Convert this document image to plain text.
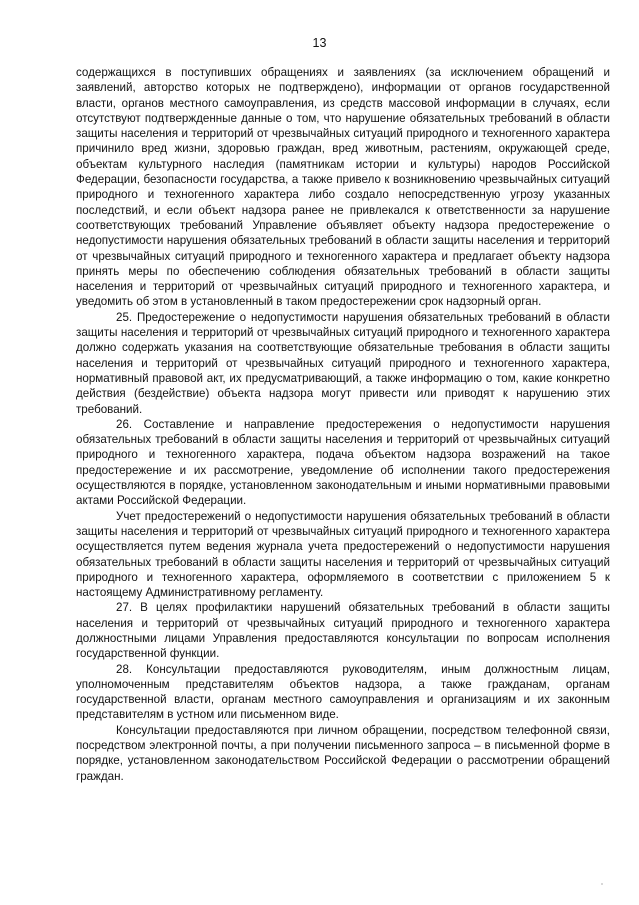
13

содержащихся в поступивших обращениях и заявлениях (за исключением обращений и заявлений, авторство которых не подтверждено), информации от органов государственной власти, органов местного самоуправления, из средств массовой информации в случаях, если отсутствуют подтвержденные данные о том, что нарушение обязательных требований в области защиты населения и территорий от чрезвычайных ситуаций природного и техногенного характера причинило вред жизни, здоровью граждан, вред животным, растениям, окружающей среде, объектам культурного наследия (памятникам истории и культуры) народов Российской Федерации, безопасности государства, а также привело к возникновению чрезвычайных ситуаций природного и техногенного характера либо создало непосредственную угрозу указанных последствий, и если объект надзора ранее не привлекался к ответственности за нарушение соответствующих требований Управление объявляет объекту надзора предостережение о недопустимости нарушения обязательных требований в области защиты населения и территорий от чрезвычайных ситуаций природного и техногенного характера и предлагает объекту надзора принять меры по обеспечению соблюдения обязательных требований в области защиты населения и территорий от чрезвычайных ситуаций природного и техногенного характера, и уведомить об этом в установленный в таком предостережении срок надзорный орган.

25. Предостережение о недопустимости нарушения обязательных требований в области защиты населения и территорий от чрезвычайных ситуаций природного и техногенного характера должно содержать указания на соответствующие обязательные требования в области защиты населения и территорий от чрезвычайных ситуаций природного и техногенного характера, нормативный правовой акт, их предусматривающий, а также информацию о том, какие конкретно действия (бездействие) объекта надзора могут привести или приводят к нарушению этих требований.

26. Составление и направление предостережения о недопустимости нарушения обязательных требований в области защиты населения и территорий от чрезвычайных ситуаций природного и техногенного характера, подача объектом надзора возражений на такое предостережение и их рассмотрение, уведомление об исполнении такого предостережения осуществляются в порядке, установленном законодательным и иными нормативными правовыми актами Российской Федерации.

Учет предостережений о недопустимости нарушения обязательных требований в области защиты населения и территорий от чрезвычайных ситуаций природного и техногенного характера осуществляется путем ведения журнала учета предостережений о недопустимости нарушения обязательных требований в области защиты населения и территорий от чрезвычайных ситуаций природного и техногенного характера, оформляемого в соответствии с приложением 5 к настоящему Административному регламенту.

27. В целях профилактики нарушений обязательных требований в области защиты населения и территорий от чрезвычайных ситуаций природного и техногенного характера должностными лицами Управления предоставляются консультации по вопросам исполнения государственной функции.

28. Консультации предоставляются руководителям, иным должностным лицам, уполномоченным представителям объектов надзора, а также гражданам, органам государственной власти, органам местного самоуправления и организациям и их законным представителям в устном или письменном виде.

Консультации предоставляются при личном обращении, посредством телефонной связи, посредством электронной почты, а при получении письменного запроса – в письменной форме в порядке, установленном законодательством Российской Федерации о рассмотрении обращений граждан.
